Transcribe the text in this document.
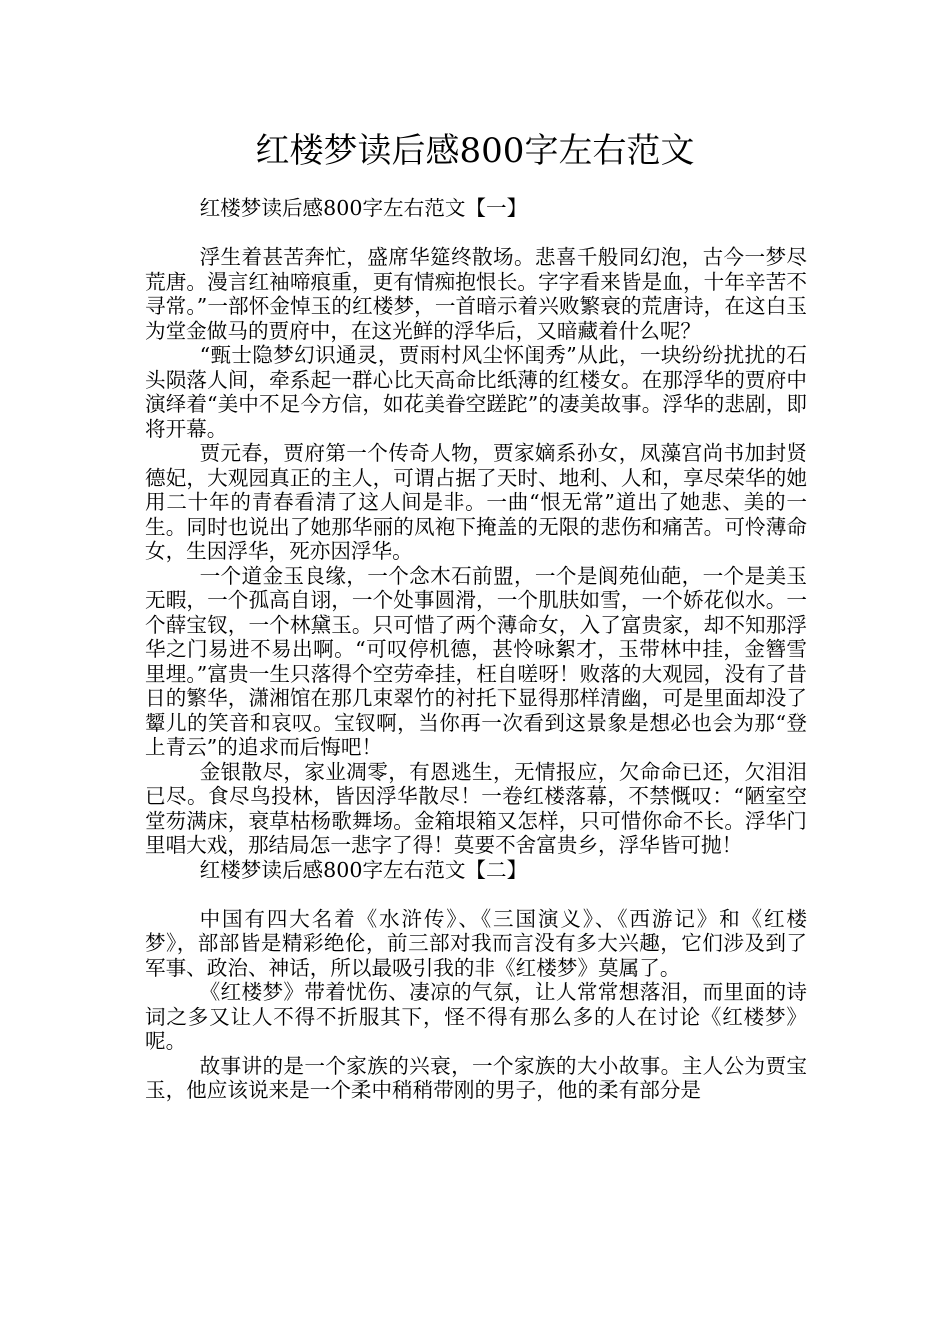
红楼梦读后感800字左右范文

红楼梦读后感800字左右范文【一】

浮生着甚苦奔忙，盛席华筵终散场。悲喜千般同幻泡，古今一梦尽荒唐。漫言红袖啼痕重，更有情痴抱恨长。字字看来皆是血，十年辛苦不寻常。”一部怀金悼玉的红楼梦，一首暗示着兴败繁衰的荒唐诗，在这白玉为堂金做马的贾府中，在这光鲜的浮华后，又暗藏着什么呢？

“甄士隐梦幻识通灵，贾雨村风尘怀闺秀”从此，一块纷纷扰扰的石头陨落人间，牵系起一群心比天高命比纸薄的红楼女。在那浮华的贾府中演绎着“美中不足今方信，如花美眷空蹉跎”的凄美故事。浮华的悲剧，即将开幕。

贾元春，贾府第一个传奇人物，贾家嫡系孙女，凤藻宫尚书加封贤德妃，大观园真正的主人，可谓占据了天时、地利、人和，享尽荣华的她用二十年的青春看清了这人间是非。一曲“恨无常”道出了她悲、美的一生。同时也说出了她那华丽的凤袍下掩盖的无限的悲伤和痛苦。可怜薄命女，生因浮华，死亦因浮华。

一个道金玉良缘，一个念木石前盟，一个是阆苑仙葩，一个是美玉无暇，一个孤高自诩，一个处事圆滑，一个肌肤如雪，一个娇花似水。一个薛宝钗，一个林黛玉。只可惜了两个薄命女，入了富贵家，却不知那浮华之门易进不易出啊。“可叹停机德，甚怜咏絮才，玉带林中挂，金簪雪里埋。”富贵一生只落得个空劳牵挂，枉自嗟呀！败落的大观园，没有了昔日的繁华，潇湘馆在那几束翠竹的衬托下显得那样清幽，可是里面却没了颦儿的笑音和哀叹。宝钗啊，当你再一次看到这景象是想必也会为那“登上青云”的追求而后悔吧！

金银散尽，家业凋零，有恩逃生，无情报应，欠命命已还，欠泪泪已尽。食尽鸟投林，皆因浮华散尽！一卷红楼落幕，不禁慨叹：“陋室空堂芴满床，衰草枯杨歌舞场。金箱垠箱又怎样，只可惜你命不长。浮华门里唱大戏，那结局怎一悲字了得！莫要不舍富贵乡，浮华皆可抛！

红楼梦读后感800字左右范文【二】

中国有四大名着《水浒传》、《三国演义》、《西游记》和《红楼梦》，部部皆是精彩绝伦，前三部对我而言没有多大兴趣，它们涉及到了军事、政治、神话，所以最吸引我的非《红楼梦》莫属了。

《红楼梦》带着忧伤、凄凉的气氛，让人常常想落泪，而里面的诗词之多又让人不得不折服其下，怪不得有那么多的人在讨论《红楼梦》呢。

故事讲的是一个家族的兴衰，一个家族的大小故事。主人公为贾宝玉，他应该说来是一个柔中稍稍带刚的男子，他的柔有部分是
